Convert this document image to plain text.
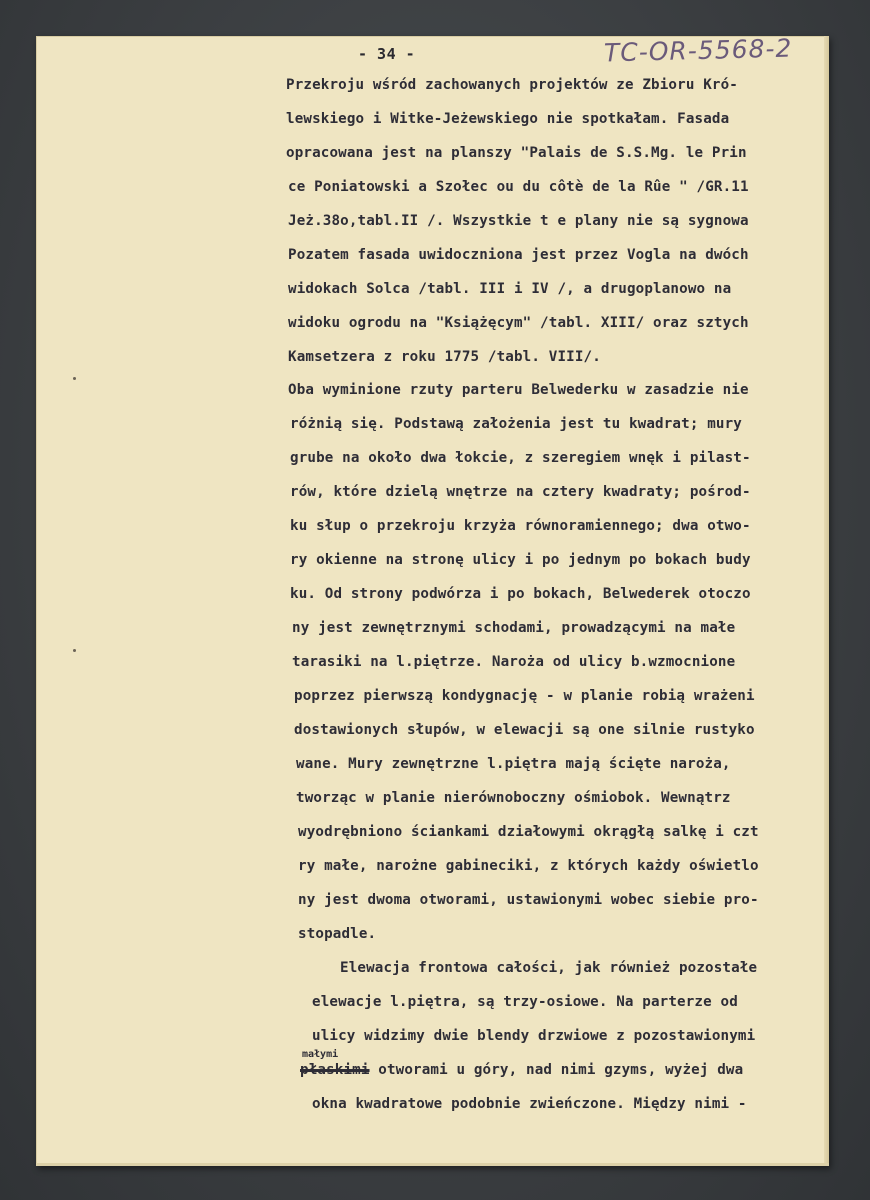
- 34 -	TC-OR-5568-2
Przekroju wśród zachowanych projektów ze Zbioru Kró-
lewskiego i Witke-Jeżewskiego nie spotkałam. Fasada
opracowana jest na planszy "Palais de S.S.Mg. le Prin
ce Poniatowski a Szołec ou du côtè de la Rûe " /GR.11
Jeż.38o,tabl.II /. Wszystkie t e plany nie są sygnowa
Pozatem fasada uwidoczniona jest przez Vogla na dwóch
widokach Solca /tabl. III i IV /, a drugoplanowo na
widoku ogrodu na "Książęcym" /tabl. XIII/ oraz sztych
Kamsetzera z roku 1775 /tabl. VIII/.
Oba wyminione rzuty parteru Belwederku w zasadzie nie
różnią się. Podstawą założenia jest tu kwadrat; mury
grube na około dwa łokcie, z szeregiem wnęk i pilast-
rów, które dzielą wnętrze na cztery kwadraty; pośrod-
ku słup o przekroju krzyża równoramiennego; dwa otwo-
ry okienne na stronę ulicy i po jednym po bokach budy
ku. Od strony podwórza i po bokach, Belwederek otoczo
ny jest zewnętrznymi schodami, prowadzącymi na małe
tarasiki na l.piętrze. Naroża od ulicy b.wzmocnione
poprzez pierwszą kondygnację - w planie robią wrażeni
dostawionych słupów, w elewacji są one silnie rustyko
wane. Mury zewnętrzne l.piętra mają ścięte naroża,
tworząc w planie nierównoboczny ośmiobok. Wewnątrz
wyodrębniono ściankami działowymi okrągłą salkę i czt
ry małe, narożne gabineciki, z których każdy oświetlo
ny jest dwoma otworami, ustawionymi wobec siebie pro-
stopadle.
Elewacja frontowa całości, jak również pozostałe
elewacje l.piętra, są trzy-osiowe. Na parterze od
ulicy widzimy dwie blendy drzwiowe z pozostawionymi
małymi
płaskimi otworami u góry, nad nimi gzyms, wyżej dwa
okna kwadratowe podobnie zwieńczone. Między nimi -
